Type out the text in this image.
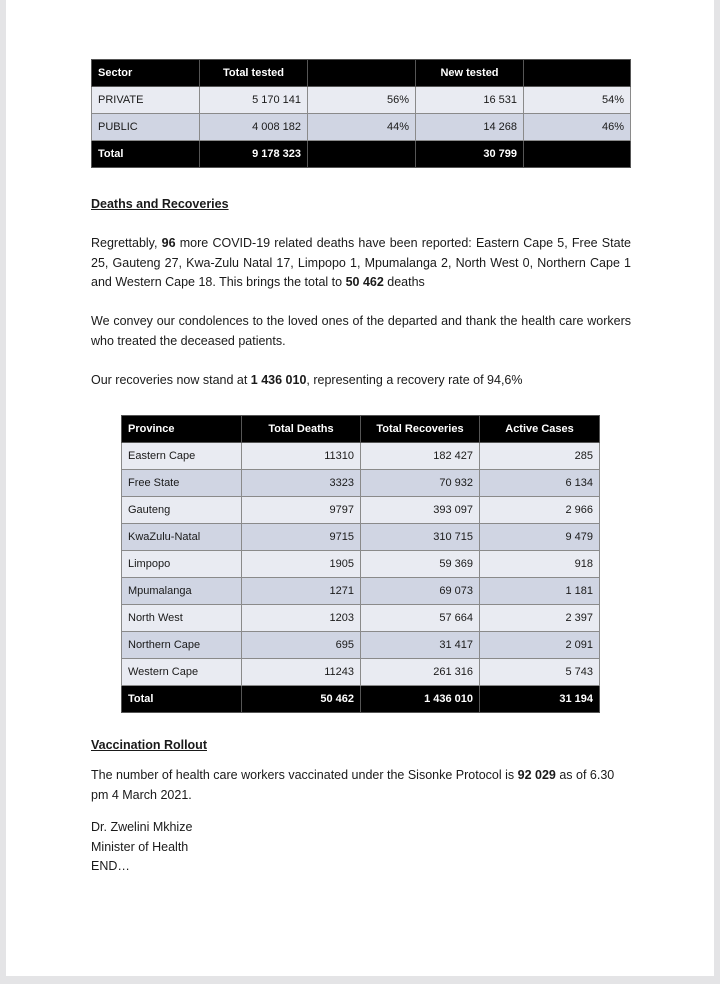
Sector	Total tested		New tested	
PRIVATE	5 170 141	56%	16 531	54%
PUBLIC	4 008 182	44%	14 268	46%
Total	9 178 323		30 799	
Deaths and Recoveries
Regrettably, 96 more COVID-19 related deaths have been reported: Eastern Cape 5, Free State 25, Gauteng 27, Kwa-Zulu Natal 17, Limpopo 1, Mpumalanga 2, North West 0, Northern Cape 1 and Western Cape 18. This brings the total to 50 462 deaths
We convey our condolences to the loved ones of the departed and thank the health care workers who treated the deceased patients.
Our recoveries now stand at 1 436 010, representing a recovery rate of 94,6%
Province	Total Deaths	Total Recoveries	Active Cases
Eastern Cape	11310	182 427	285
Free State	3323	70 932	6 134
Gauteng	9797	393 097	2 966
KwaZulu-Natal	9715	310 715	9 479
Limpopo	1905	59 369	918
Mpumalanga	1271	69 073	1 181
North West	1203	57 664	2 397
Northern Cape	695	31 417	2 091
Western Cape	11243	261 316	5 743
Total	50 462	1 436 010	31 194
Vaccination Rollout
The number of health care workers vaccinated under the Sisonke Protocol is 92 029 as of 6.30 pm 4 March 2021.
Dr. Zwelini Mkhize
Minister of Health
END…
